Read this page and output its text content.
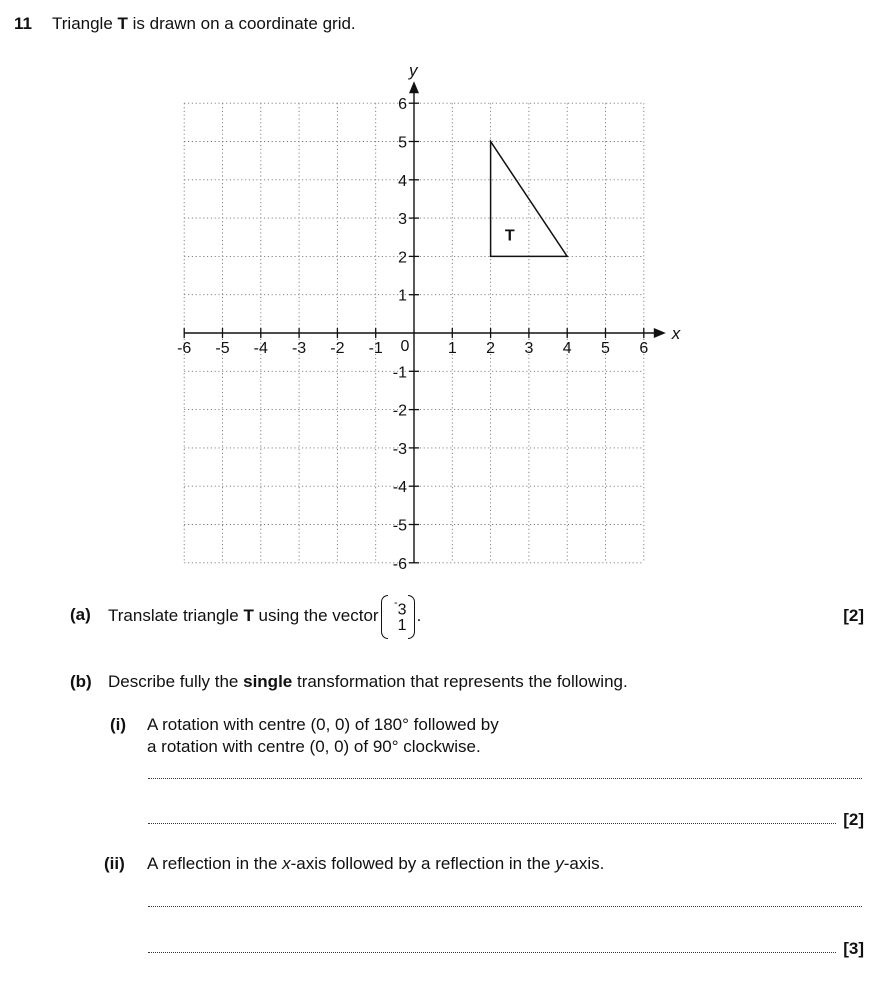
11 Triangle T is drawn on a coordinate grid.
x
y
-6 -5 -4 -3 -2 -1	1 2 3 4 5 6
-6
-5
-4
-3
-2
-1
1
2
3
4
5
6
0
T
(a) Translate triangle T using the vector
-3
1
.	[2]
(b) Describe fully the single transformation that represents the following.
(i) A rotation with centre (0, 0) of 180° followed by
a rotation with centre (0, 0) of 90° clockwise.
[2]
(ii) A reflection in the x-axis followed by a reflection in the y-axis.
[3]
